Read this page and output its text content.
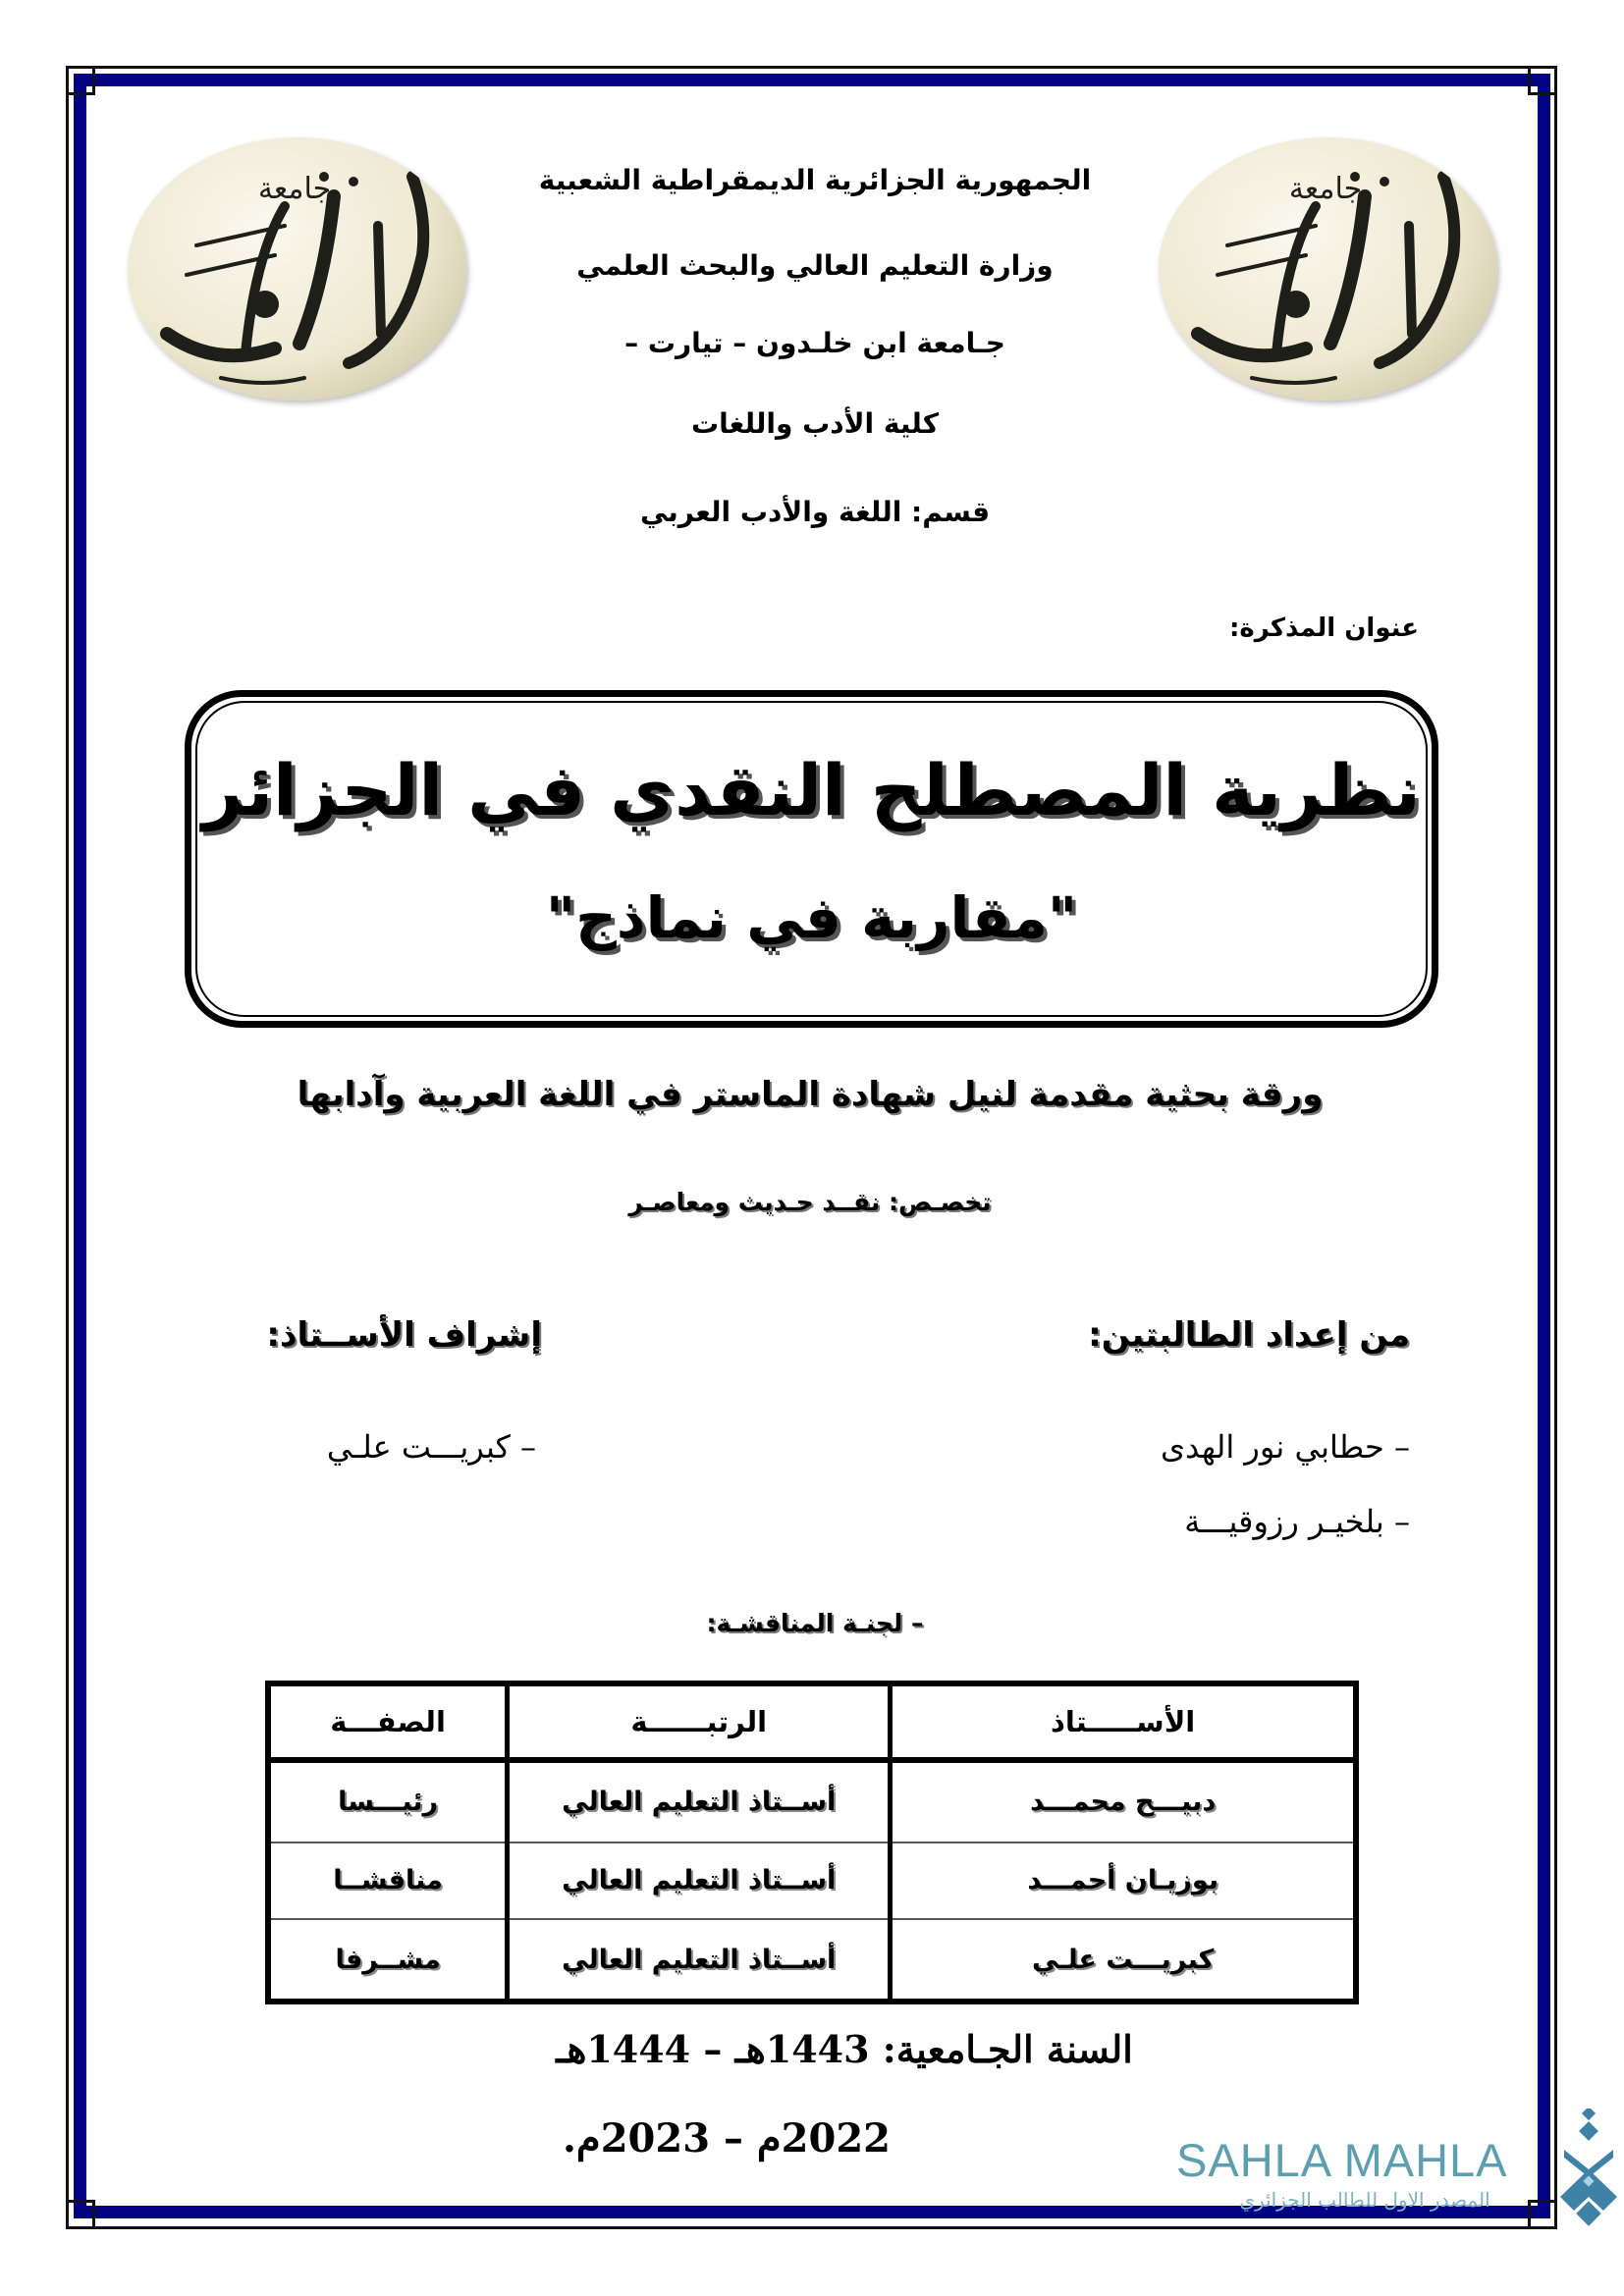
جامعة	جامعة
الجمهورية الجزائرية الديمقراطية الشعبية
وزارة التعليم العالي والبحث العلمي
جـامعة ابن خلـدون – تيارت –
كلية الأدب واللغات
قسم: اللغة والأدب العربي
عنوان المذكرة:
نظرية المصطلح النقدي في الجزائر
"مقاربة في نماذج"
ورقة بحثية مقدمة لنيل شهادة الماستر في اللغة العربية وآدابها
تخصـص: نقــد حـديث ومعاصـر
من إعداد الطالبتين:
– حطابي نور الهدى
– بلخيـر رزوقيـــة
إشراف الأســتاذ:
– كبريـــت علـي
– لجنـة المناقشـة:
الأســـــتاذ	الرتبــــــة	الصفـــة
دبيـــح محمـــد	أســتاذ التعليم العالي	رئيـــسا
بوزيـان أحمـــد	أســتاذ التعليم العالي	مناقشــا
كبريـــت علـي	أســتاذ التعليم العالي	مشــرفا
السنة الجـامعية: 1443هـ – 1444هـ
2022م – 2023م.	SAHLA MAHLA
المصدر الاول للطالب الجزائري
